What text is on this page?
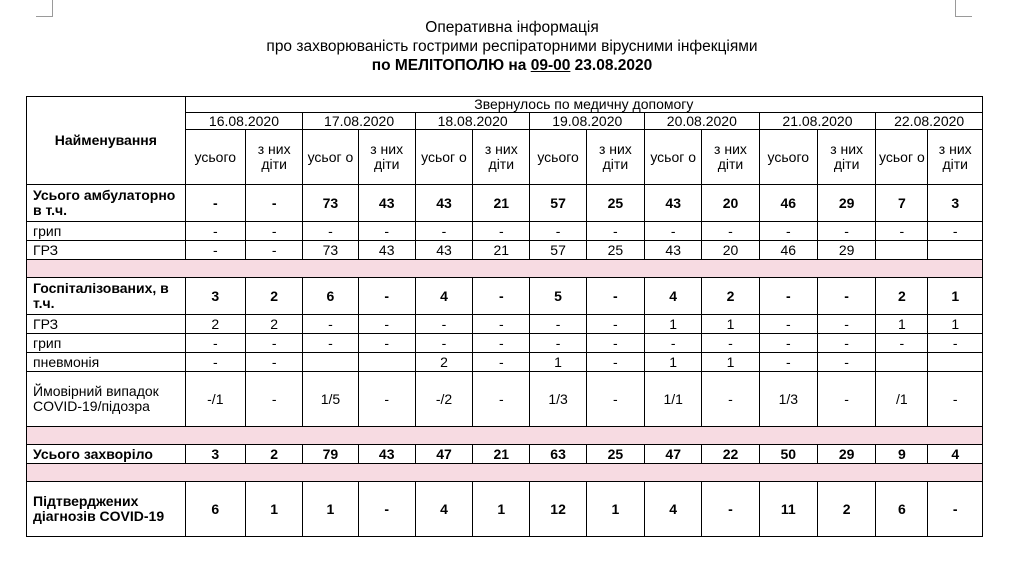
Оперативна інформація
про захворюваність гострими респіраторними вірусними інфекціями
по МЕЛІТОПОЛЮ на 09-00 23.08.2020
Найменування	Звернулось по медичну допомогу													
	16.08.2020		17.08.2020		18.08.2020		19.08.2020		20.08.2020		21.08.2020		22.08.2020	
	усього	з них діти	усьог о	з них діти	усьог о	з них діти	усього	з них діти	усьог о	з них діти	усього	з них діти	усьог о	з них діти
Усього амбулаторно в т.ч.	-	-	73	43	43	21	57	25	43	20	46	29	7	3
грип	-	-	-	-	-	-	-	-	-	-	-	-	-	-
ГРЗ	-	-	73	43	43	21	57	25	43	20	46	29		

Госпіталізованих, в т.ч.	3	2	6	-	4	-	5	-	4	2	-	-	2	1
ГРЗ	2	2	-	-	-	-	-	-	1	1	-	-	1	1
грип	-	-	-	-	-	-	-	-	-	-	-	-	-	-
пневмонія	-	-			2	-	1	-	1	1	-	-		
Ймовірний випадок COVID-19/підозра	-/1	-	1/5	-	-/2	-	1/3	-	1/1	-	1/3	-	/1	-

Усього захворіло	3	2	79	43	47	21	63	25	47	22	50	29	9	4

Підтверджених діагнозів COVID-19	6	1	1	-	4	1	12	1	4	-	11	2	6	-
